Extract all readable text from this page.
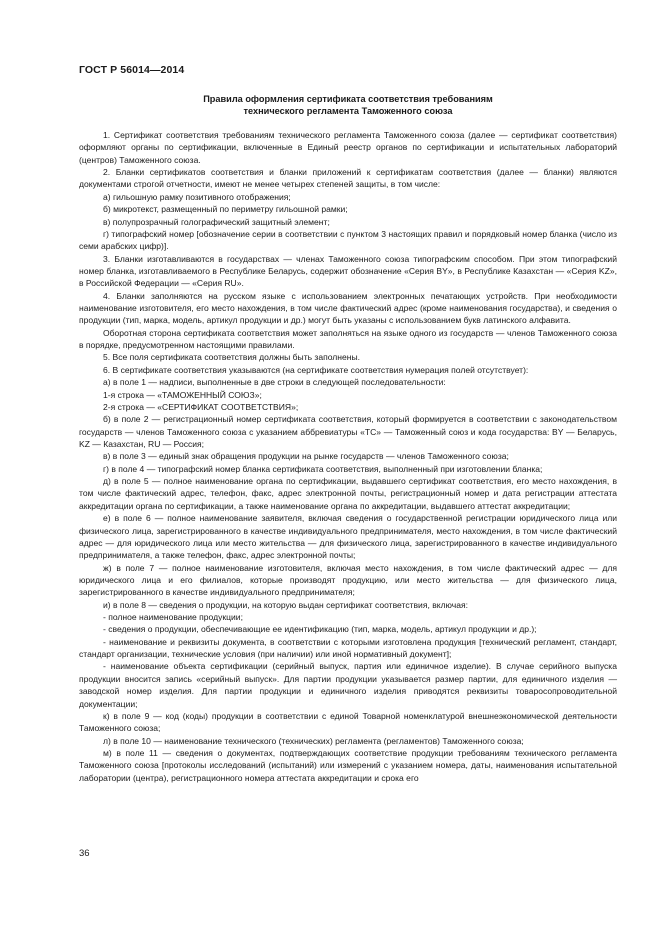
ГОСТ Р 56014—2014
Правила оформления сертификата соответствия требованиям
технического регламента Таможенного союза

1. Сертификат соответствия требованиям технического регламента Таможенного союза (далее — сертификат соответствия) оформляют органы по сертификации, включенные в Единый реестр органов по сертификации и испытательных лабораторий (центров) Таможенного союза.

2. Бланки сертификатов соответствия и бланки приложений к сертификатам соответствия (далее — бланки) являются документами строгой отчетности, имеют не менее четырех степеней защиты, в том числе:

а) гильошную рамку позитивного отображения;

б) микротекст, размещенный по периметру гильошной рамки;

в) полупрозрачный голографический защитный элемент;

г) типографский номер [обозначение серии в соответствии с пунктом 3 настоящих правил и порядковый номер бланка (число из семи арабских цифр)].

3. Бланки изготавливаются в государствах — членах Таможенного союза типографским способом. При этом типографский номер бланка, изготавливаемого в Республике Беларусь, содержит обозначение «Серия BY», в Республике Казахстан — «Серия KZ», в Российской Федерации — «Серия RU».

4. Бланки заполняются на русском языке с использованием электронных печатающих устройств. При необходимости наименование изготовителя, его место нахождения, в том числе фактический адрес (кроме наименования государства), и сведения о продукции (тип, марка, модель, артикул продукции и др.) могут быть указаны с использованием букв латинского алфавита.

Оборотная сторона сертификата соответствия может заполняться на языке одного из государств — членов Таможенного союза в порядке, предусмотренном настоящими правилами.

5. Все поля сертификата соответствия должны быть заполнены.

6. В сертификате соответствия указываются (на сертификате соответствия нумерация полей отсутствует):

а) в поле 1 — надписи, выполненные в две строки в следующей последовательности:

1-я строка — «ТАМОЖЕННЫЙ СОЮЗ»;

2-я строка — «СЕРТИФИКАТ СООТВЕТСТВИЯ»;

б) в поле 2 — регистрационный номер сертификата соответствия, который формируется в соответствии с законодательством государств — членов Таможенного союза с указанием аббревиатуры «TC» — Таможенный союз и кода государства: BY — Беларусь, KZ — Казахстан, RU — Россия;

в) в поле 3 — единый знак обращения продукции на рынке государств — членов Таможенного союза;

г) в поле 4 — типографский номер бланка сертификата соответствия, выполненный при изготовлении бланка;

д) в поле 5 — полное наименование органа по сертификации, выдавшего сертификат соответствия, его место нахождения, в том числе фактический адрес, телефон, факс, адрес электронной почты, регистрационный номер и дата регистрации аттестата аккредитации органа по сертификации, а также наименование органа по аккредитации, выдавшего аттестат аккредитации;

е) в поле 6 — полное наименование заявителя, включая сведения о государственной регистрации юридического лица или физического лица, зарегистрированного в качестве индивидуального предпринимателя, место нахождения, в том числе фактический адрес — для юридического лица или место жительства — для физического лица, зарегистрированного в качестве индивидуального предпринимателя, а также телефон, факс, адрес электронной почты;

ж) в поле 7 — полное наименование изготовителя, включая место нахождения, в том числе фактический адрес — для юридического лица и его филиалов, которые производят продукцию, или место жительства — для физического лица, зарегистрированного в качестве индивидуального предпринимателя;

и) в поле 8 — сведения о продукции, на которую выдан сертификат соответствия, включая:

- полное наименование продукции;

- сведения о продукции, обеспечивающие ее идентификацию (тип, марка, модель, артикул продукции и др.);

- наименование и реквизиты документа, в соответствии с которыми изготовлена продукция [технический регламент, стандарт, стандарт организации, технические условия (при наличии) или иной нормативный документ];

- наименование объекта сертификации (серийный выпуск, партия или единичное изделие). В случае серийного выпуска продукции вносится запись «серийный выпуск». Для партии продукции указывается размер партии, для единичного изделия — заводской номер изделия. Для партии продукции и единичного изделия приводятся реквизиты товаросопроводительной документации;

к) в поле 9 — код (коды) продукции в соответствии с единой Товарной номенклатурой внешнеэкономической деятельности Таможенного союза;

л) в поле 10 — наименование технического (технических) регламента (регламентов) Таможенного союза;

м) в поле 11 — сведения о документах, подтверждающих соответствие продукции требованиям технического регламента Таможенного союза [протоколы исследований (испытаний) или измерений с указанием номера, даты, наименования испытательной лаборатории (центра), регистрационного номера аттестата аккредитации и срока его

36
